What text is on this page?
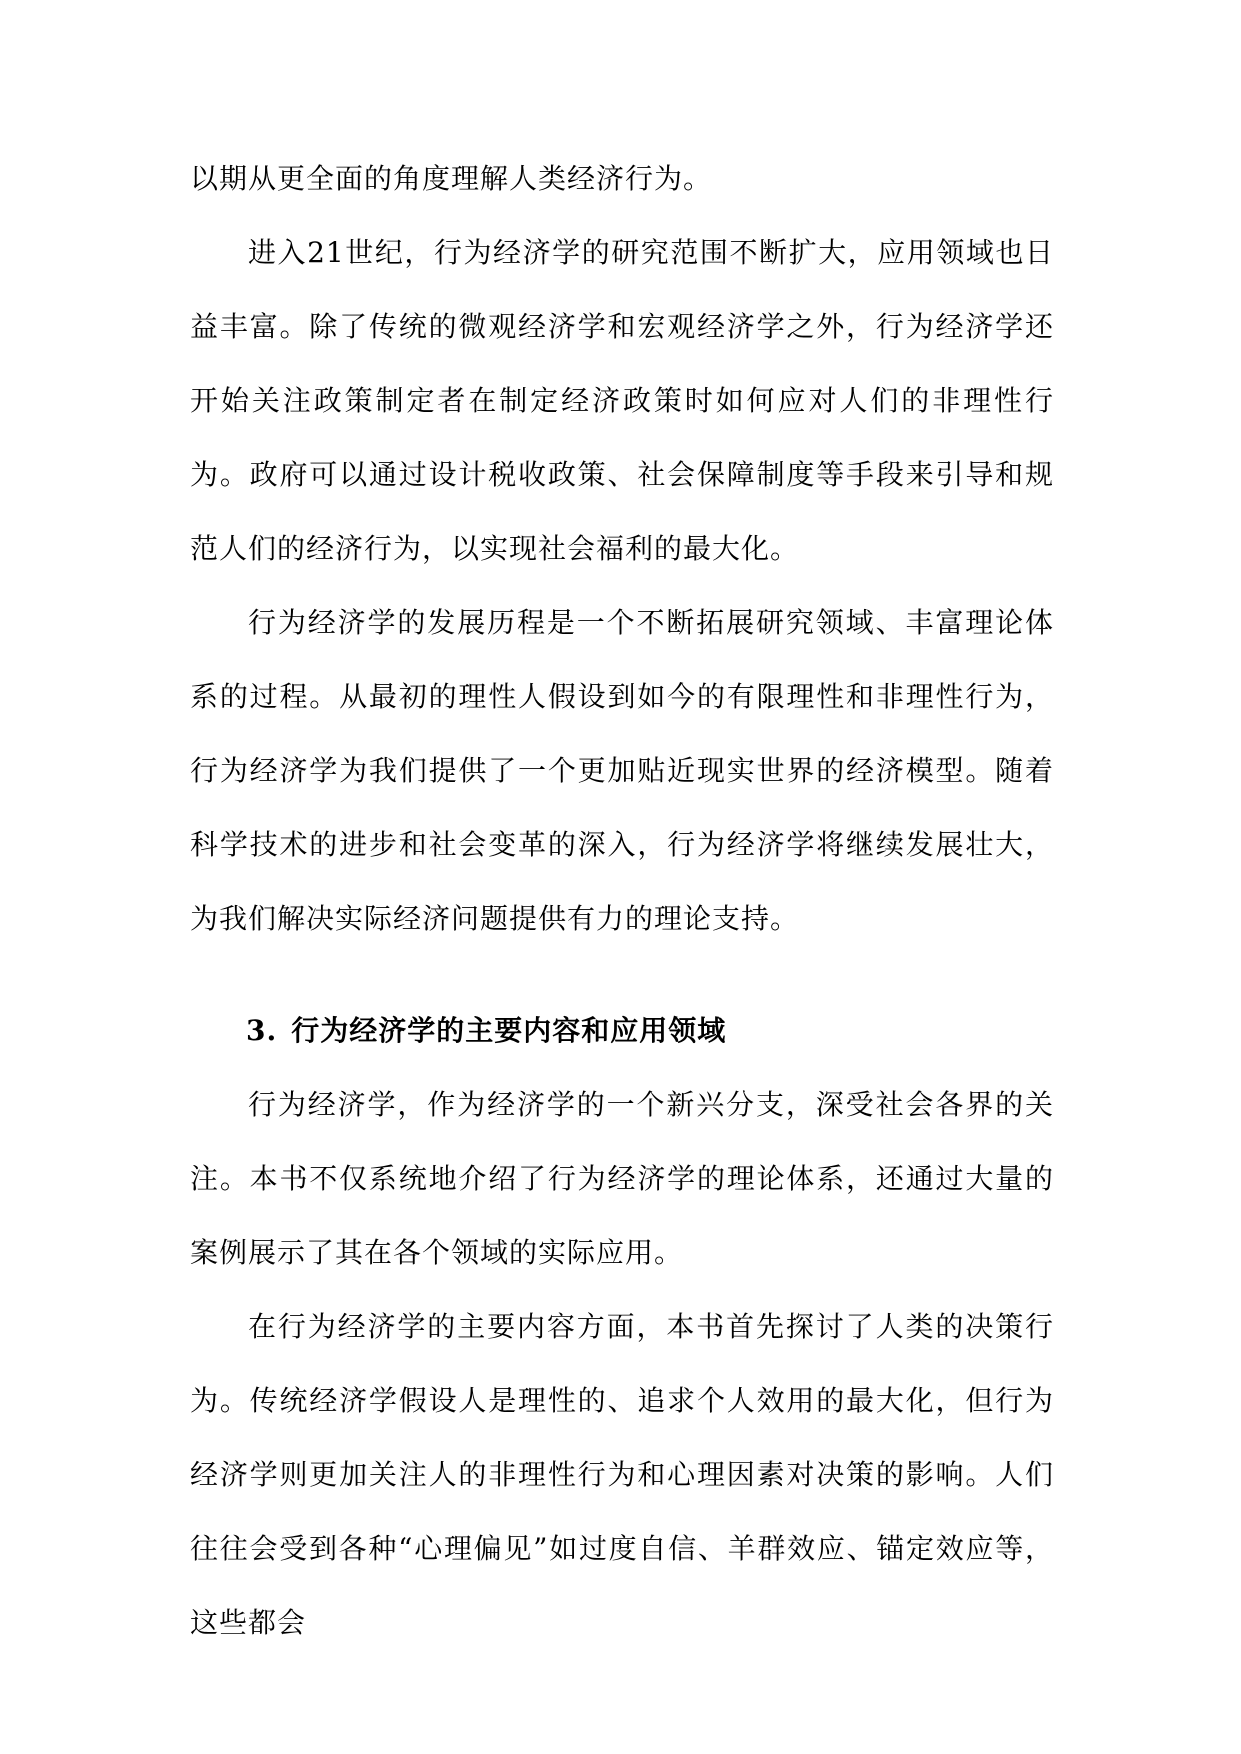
以期从更全面的角度理解人类经济行为。

进入21世纪，行为经济学的研究范围不断扩大，应用领域也日益丰富。除了传统的微观经济学和宏观经济学之外，行为经济学还开始关注政策制定者在制定经济政策时如何应对人们的非理性行为。政府可以通过设计税收政策、社会保障制度等手段来引导和规范人们的经济行为，以实现社会福利的最大化。

行为经济学的发展历程是一个不断拓展研究领域、丰富理论体系的过程。从最初的理性人假设到如今的有限理性和非理性行为，行为经济学为我们提供了一个更加贴近现实世界的经济模型。随着科学技术的进步和社会变革的深入，行为经济学将继续发展壮大，为我们解决实际经济问题提供有力的理论支持。

3. 行为经济学的主要内容和应用领域

行为经济学，作为经济学的一个新兴分支，深受社会各界的关注。本书不仅系统地介绍了行为经济学的理论体系，还通过大量的案例展示了其在各个领域的实际应用。

在行为经济学的主要内容方面，本书首先探讨了人类的决策行为。传统经济学假设人是理性的、追求个人效用的最大化，但行为经济学则更加关注人的非理性行为和心理因素对决策的影响。人们往往会受到各种“心理偏见”如过度自信、羊群效应、锚定效应等，这些都会
